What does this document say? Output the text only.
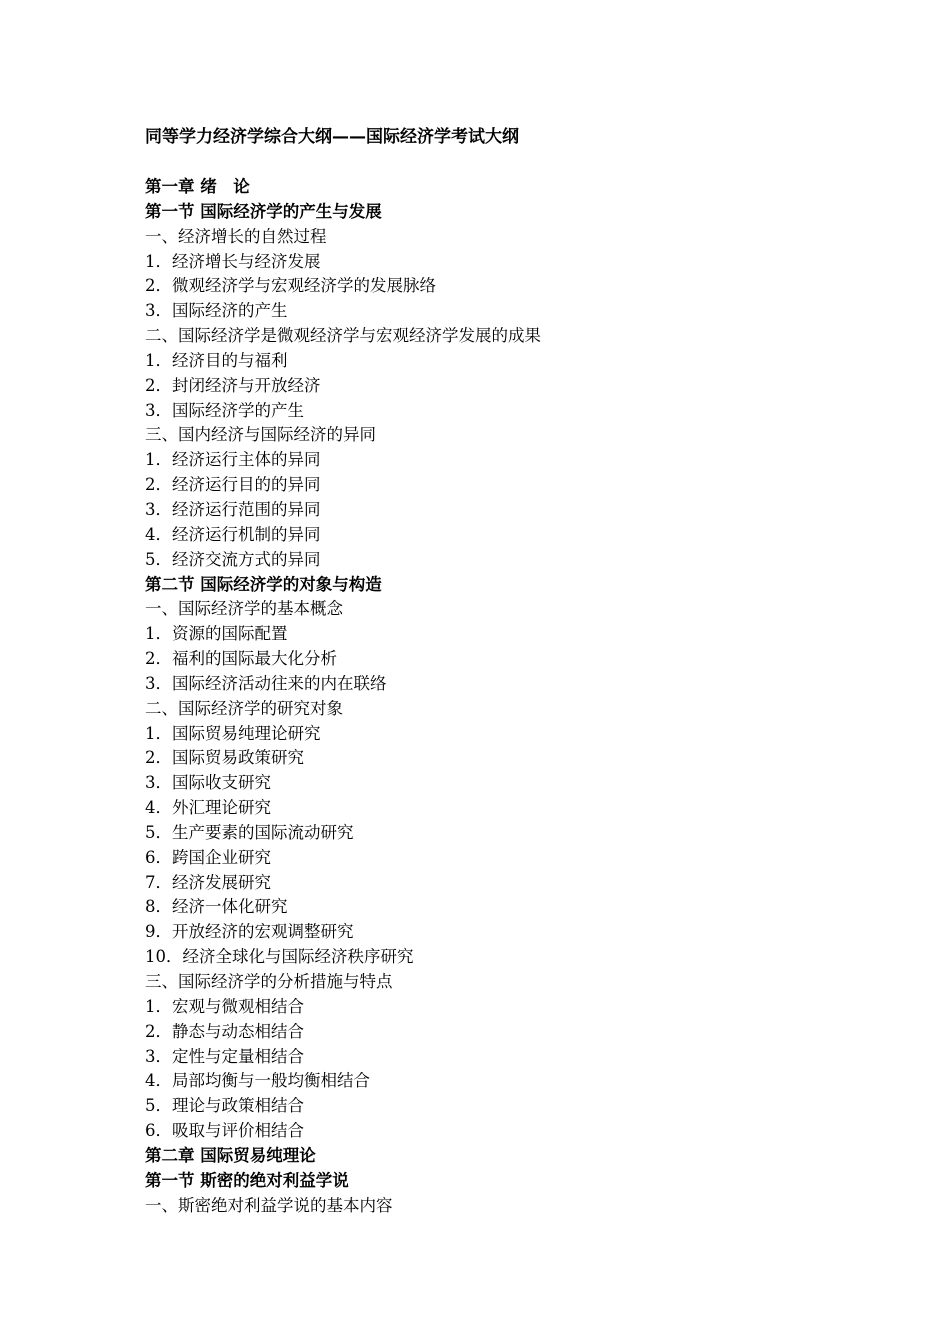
同等学力经济学综合大纲——国际经济学考试大纲
第一章 绪　论
第一节 国际经济学的产生与发展
一、经济增长的自然过程
1．经济增长与经济发展
2．微观经济学与宏观经济学的发展脉络
3．国际经济的产生
二、国际经济学是微观经济学与宏观经济学发展的成果
1．经济目的与福利
2．封闭经济与开放经济
3．国际经济学的产生
三、国内经济与国际经济的异同
1．经济运行主体的异同
2．经济运行目的的异同
3．经济运行范围的异同
4．经济运行机制的异同
5．经济交流方式的异同
第二节 国际经济学的对象与构造
一、国际经济学的基本概念
1．资源的国际配置
2．福利的国际最大化分析
3．国际经济活动往来的内在联络
二、国际经济学的研究对象
1．国际贸易纯理论研究
2．国际贸易政策研究
3．国际收支研究
4．外汇理论研究
5．生产要素的国际流动研究
6．跨国企业研究
7．经济发展研究
8．经济一体化研究
9．开放经济的宏观调整研究
10．经济全球化与国际经济秩序研究
三、国际经济学的分析措施与特点
1．宏观与微观相结合
2．静态与动态相结合
3．定性与定量相结合
4．局部均衡与一般均衡相结合
5．理论与政策相结合
6．吸取与评价相结合
第二章 国际贸易纯理论
第一节 斯密的绝对利益学说
一、斯密绝对利益学说的基本内容
